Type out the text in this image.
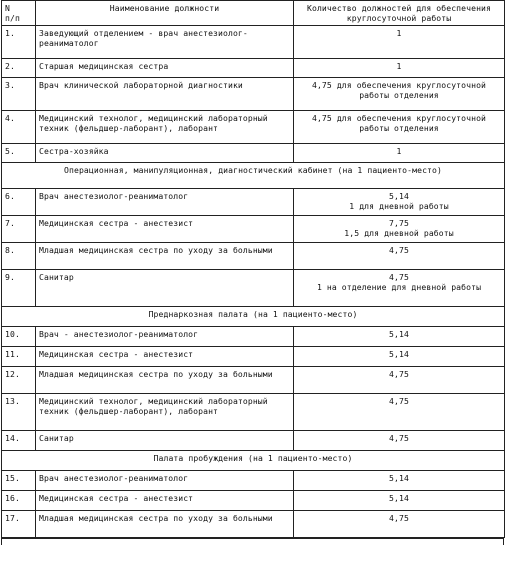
N
п/п	Наименование должности	Количество должностей для обеспечения круглосуточной работы
1.	Заведующий отделением - врач анестезиолог-реаниматолог	1
2.	Старшая медицинская сестра	1
3.	Врач клинической лабораторной диагностики	4,75 для обеспечения круглосуточной работы отделения
4.	Медицинский технолог, медицинский лабораторный техник (фельдшер-лаборант), лаборант	4,75 для обеспечения круглосуточной работы отделения
5.	Сестра-хозяйка	1
Операционная, манипуляционная, диагностический кабинет (на 1 пациенто-место)		
6.	Врач анестезиолог-реаниматолог	5,14
1 для дневной работы
7.	Медицинская сестра - анестезист	7,75
1,5 для дневной работы
8.	Младшая медицинская сестра по уходу за больными	4,75
9.	Санитар	4,75
1 на отделение для дневной работы
Преднаркозная палата (на 1 пациенто-место)		
10.	Врач - анестезиолог-реаниматолог	5,14
11.	Медицинская сестра - анестезист	5,14
12.	Младшая медицинская сестра по уходу за больными	4,75
13.	Медицинский технолог, медицинский лабораторный техник (фельдшер-лаборант), лаборант	4,75
14.	Санитар	4,75
Палата пробуждения (на 1 пациенто-место)		
15.	Врач анестезиолог-реаниматолог	5,14
16.	Медицинская сестра - анестезист	5,14
17.	Младшая медицинская сестра по уходу за больными	4,75
